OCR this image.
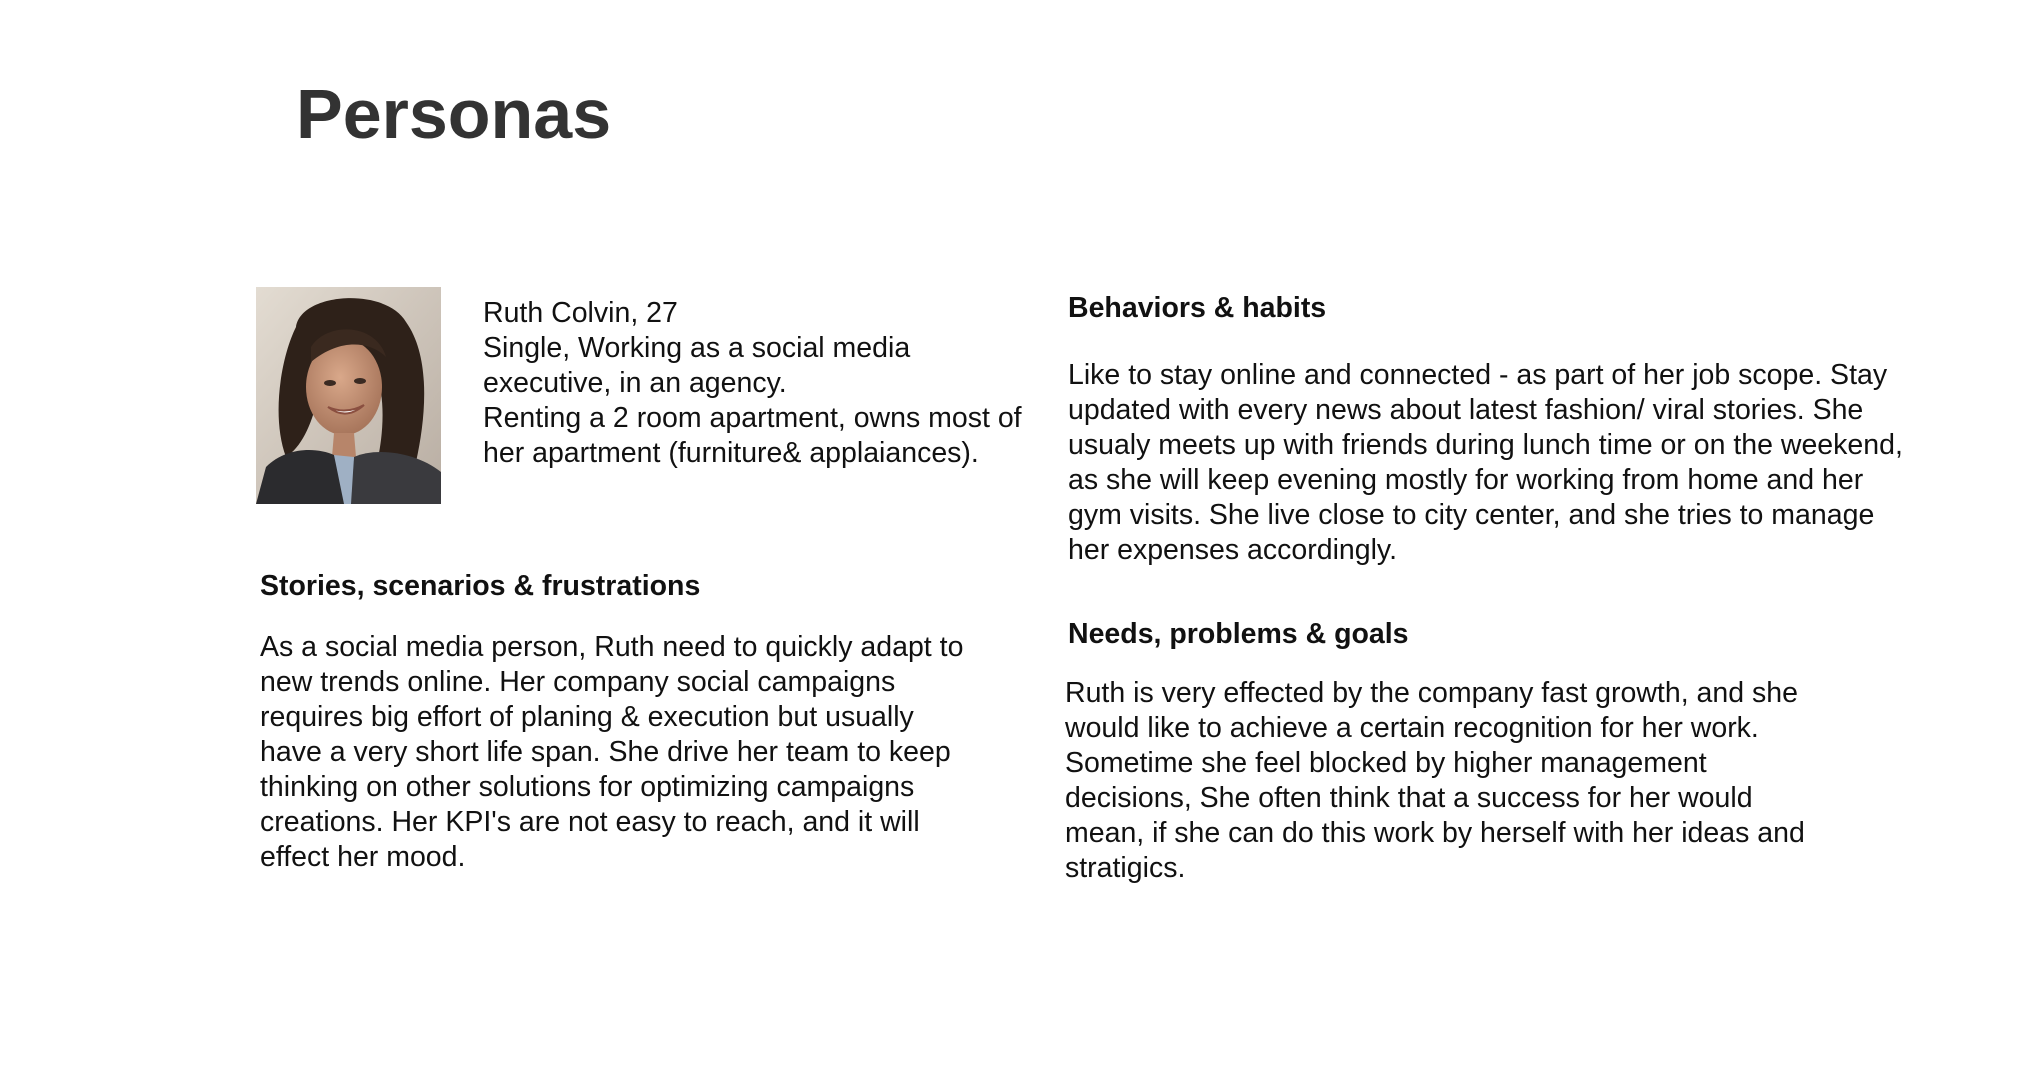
Personas

Ruth Colvin, 27

Single, Working as a social media executive, in an agency.

Renting a 2 room apartment, owns most of her apartment (furniture& applaiances).

Stories, scenarios & frustrations
As a social media person, Ruth need to quickly adapt to new trends online. Her company social campaigns requires big effort of planing & execution but usually have a very short life span. She drive her team to keep thinking on other solutions for optimizing campaigns creations. Her KPI's are not easy to reach, and it will effect her mood.
Behaviors & habits
Like to stay online and connected - as part of her job scope. Stay updated with every news about latest fashion/ viral stories. She usualy meets up with friends during lunch time or on the weekend, as she will keep evening mostly for working from home and her gym visits. She live close to city center, and she tries to manage her expenses accordingly.
Needs, problems & goals
Ruth is very effected by the company fast growth, and she would like to achieve a certain recognition for her work. Sometime she feel blocked by higher management decisions, She often think that a success for her would mean, if she can do this work by herself with her ideas and stratigics.
